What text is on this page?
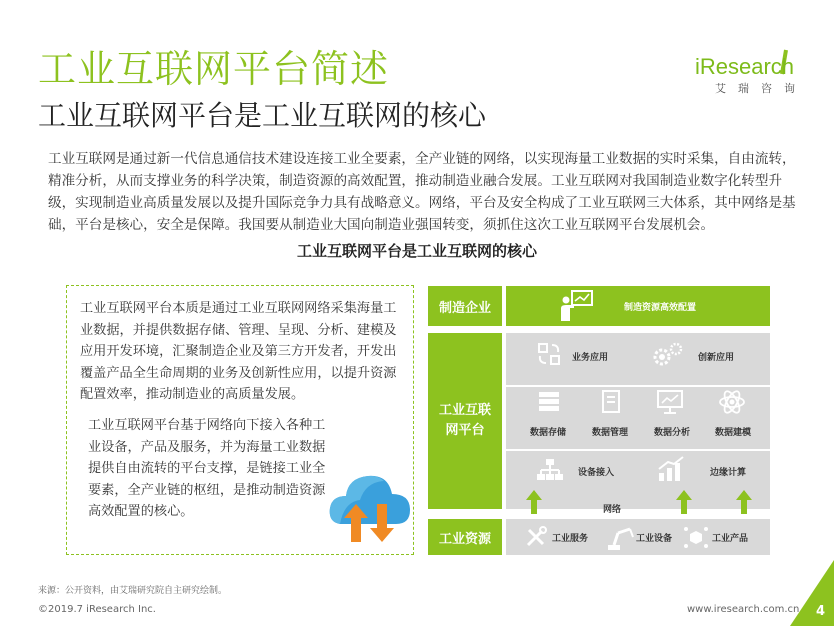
工业互联网平台简述
工业互联网平台是工业互联网的核心
iResearch
艾瑞咨询
工业互联网是通过新一代信息通信技术建设连接工业全要素，全产业链的网络，以实现海量工业数据的实时采集，自由流转，精准分析，从而支撑业务的科学决策，制造资源的高效配置，推动制造业融合发展。工业互联网对我国制造业数字化转型升级，实现制造业高质量发展以及提升国际竞争力具有战略意义。网络，平台及安全构成了工业互联网三大体系，其中网络是基础，平台是核心，安全是保障。我国要从制造业大国向制造业强国转变，须抓住这次工业互联网平台发展机会。
工业互联网平台是工业互联网的核心
工业互联网平台本质是通过工业互联网网络采集海量工业数据，并提供数据存储、管理、呈现、分析、建模及应用开发环境，汇聚制造企业及第三方开发者，开发出覆盖产品全生命周期的业务及创新性应用，以提升资源配置效率，推动制造业的高质量发展。
工业互联网平台基于网络向下接入各种工业设备，产品及服务，并为海量工业数据提供自由流转的平台支撑，是链接工业全要素，全产业链的枢纽，是推动制造资源高效配置的核心。
制造企业	制造资源高效配置
工业互联网平台
业务应用	创新应用
数据存储	数据管理	数据分析	数据建模
设备接入	边缘计算
网络
工业资源	工业服务	工业设备	工业产品
来源：公开资料，由艾瑞研究院自主研究绘制。
©2019.7 iResearch Inc.	www.iresearch.com.cn 4
